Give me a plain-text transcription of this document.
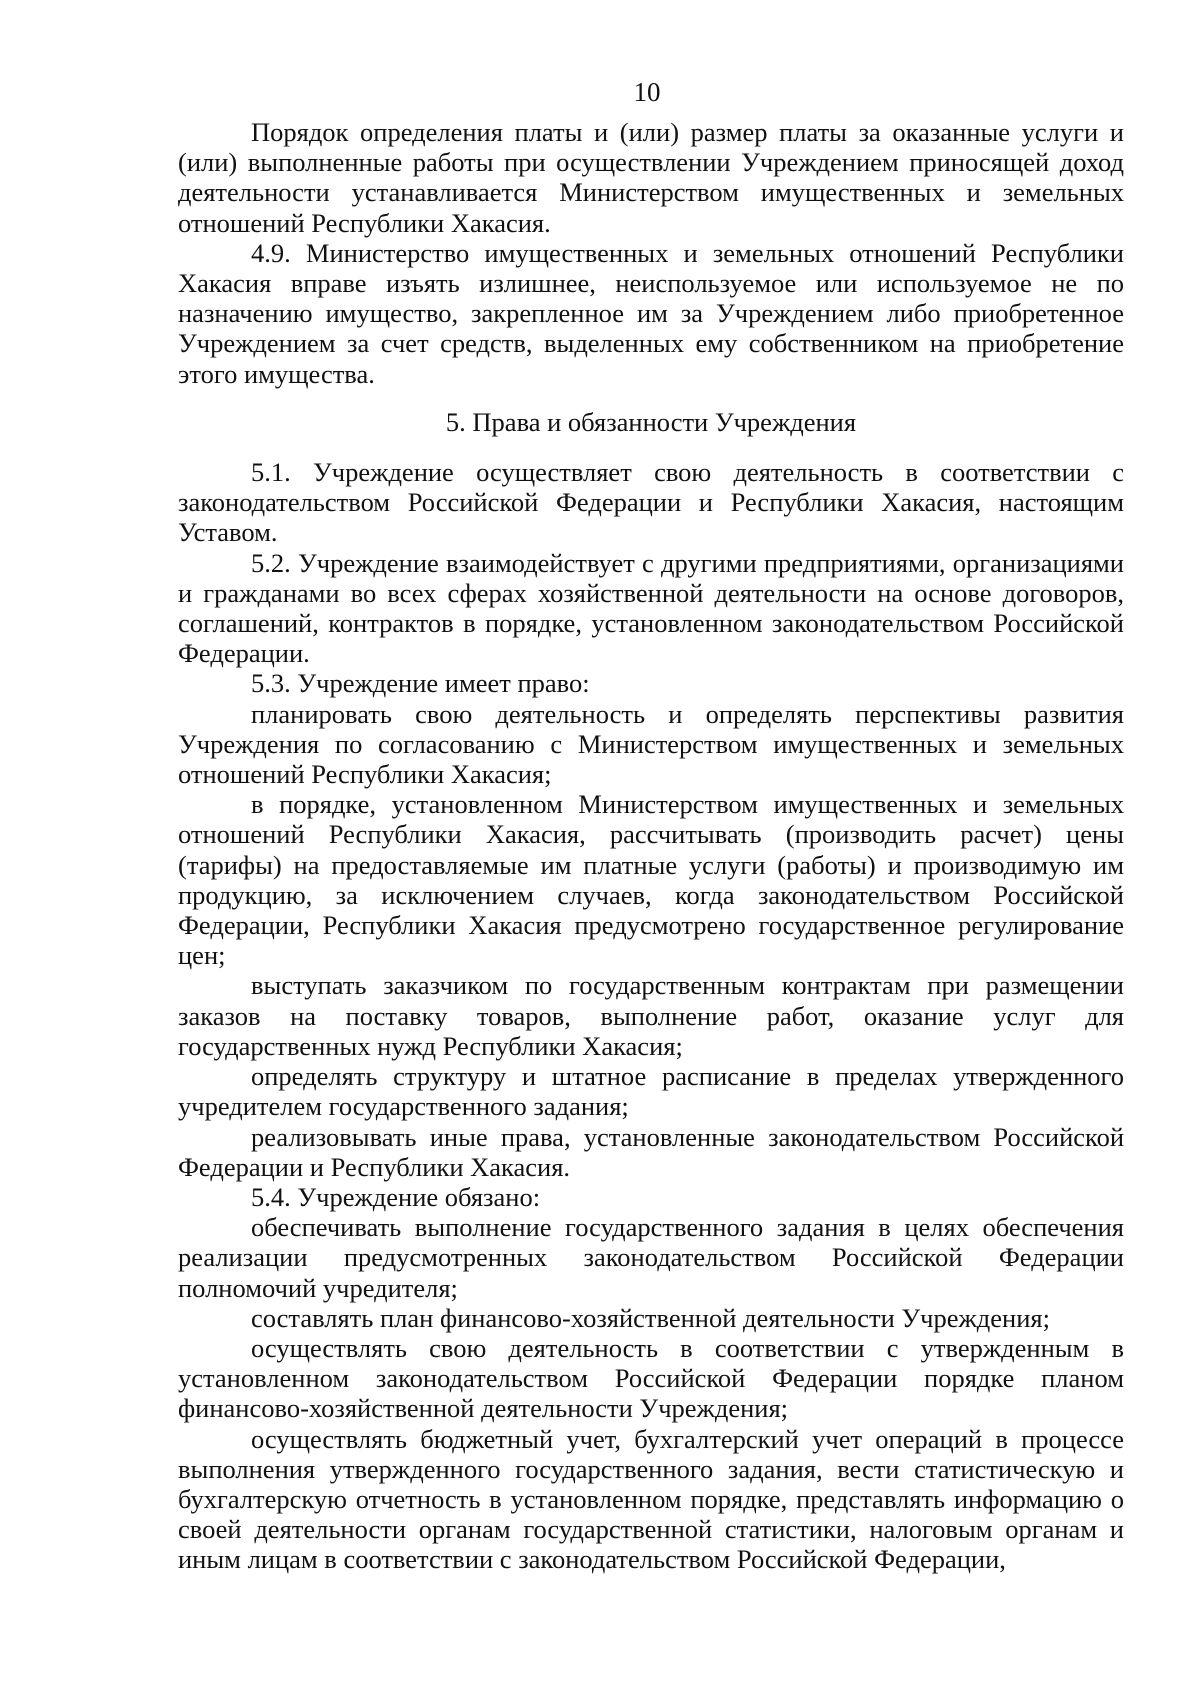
10

Порядок определения платы и (или) размер платы за оказанные услуги и (или) выполненные работы при осуществлении Учреждением приносящей доход деятельности устанавливается Министерством имущественных и земельных отношений Республики Хакасия.

4.9. Министерство имущественных и земельных отношений Республики Хакасия вправе изъять излишнее, неиспользуемое или используемое не по назначению имущество, закрепленное им за Учреждением либо приобретенное Учреждением за счет средств, выделенных ему собственником на приобретение этого имущества.

5. Права и обязанности Учреждения

5.1. Учреждение осуществляет свою деятельность в соответствии с законодательством Российской Федерации и Республики Хакасия, настоящим Уставом.

5.2. Учреждение взаимодействует с другими предприятиями, организациями и гражданами во всех сферах хозяйственной деятельности на основе договоров, соглашений, контрактов в порядке, установленном законодательством Российской Федерации.

5.3. Учреждение имеет право:

планировать свою деятельность и определять перспективы развития Учреждения по согласованию с Министерством имущественных и земельных отношений Республики Хакасия;

в порядке, установленном Министерством имущественных и земельных отношений Республики Хакасия, рассчитывать (производить расчет) цены (тарифы) на предоставляемые им платные услуги (работы) и производимую им продукцию, за исключением случаев, когда законодательством Российской Федерации, Республики Хакасия предусмотрено государственное регулирование цен;

выступать заказчиком по государственным контрактам при размещении заказов на поставку товаров, выполнение работ, оказание услуг для государственных нужд Республики Хакасия;

определять структуру и штатное расписание в пределах утвержденного учредителем государственного задания;

реализовывать иные права, установленные законодательством Российской Федерации и Республики Хакасия.

5.4. Учреждение обязано:

обеспечивать выполнение государственного задания в целях обеспечения реализации предусмотренных законодательством Российской Федерации полномочий учредителя;

составлять план финансово-хозяйственной деятельности Учреждения;

осуществлять свою деятельность в соответствии с утвержденным в установленном законодательством Российской Федерации порядке планом финансово-хозяйственной деятельности Учреждения;

осуществлять бюджетный учет, бухгалтерский учет операций в процессе выполнения утвержденного государственного задания, вести статистическую и бухгалтерскую отчетность в установленном порядке, представлять информацию о своей деятельности органам государственной статистики, налоговым органам и иным лицам в соответствии с законодательством Российской Федерации,
